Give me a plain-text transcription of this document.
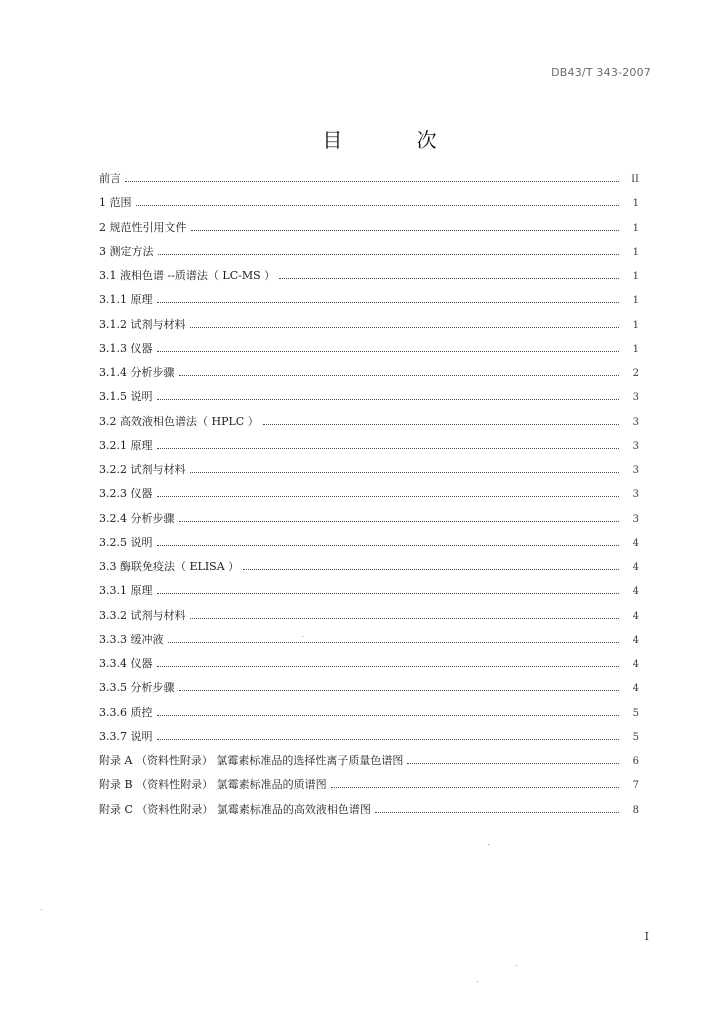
DB43/T 343-2007
目 次
前言	II
1 范围	1
2 规范性引用文件	1
3 测定方法	1
3.1 液相色谱 --质谱法（ LC-MS ）	1
3.1.1 原理	1
3.1.2 试剂与材料	1
3.1.3 仪器	1
3.1.4 分析步骤	2
3.1.5 说明	3
3.2 高效液相色谱法（ HPLC ）	3
3.2.1 原理	3
3.2.2 试剂与材料	3
3.2.3 仪器	3
3.2.4 分析步骤	3
3.2.5 说明	4
3.3 酶联免疫法（ ELISA ）	4
3.3.1 原理	4
3.3.2 试剂与材料	4
3.3.3 缓冲液	4
3.3.4 仪器	4
3.3.5 分析步骤	4
3.3.6 质控	5
3.3.7 说明	5
附录 A （资料性附录） 氯霉素标准品的选择性离子质量色谱图	6
附录 B （资料性附录） 氯霉素标准品的质谱图	7
附录 C （资料性附录） 氯霉素标准品的高效液相色谱图	8
I
